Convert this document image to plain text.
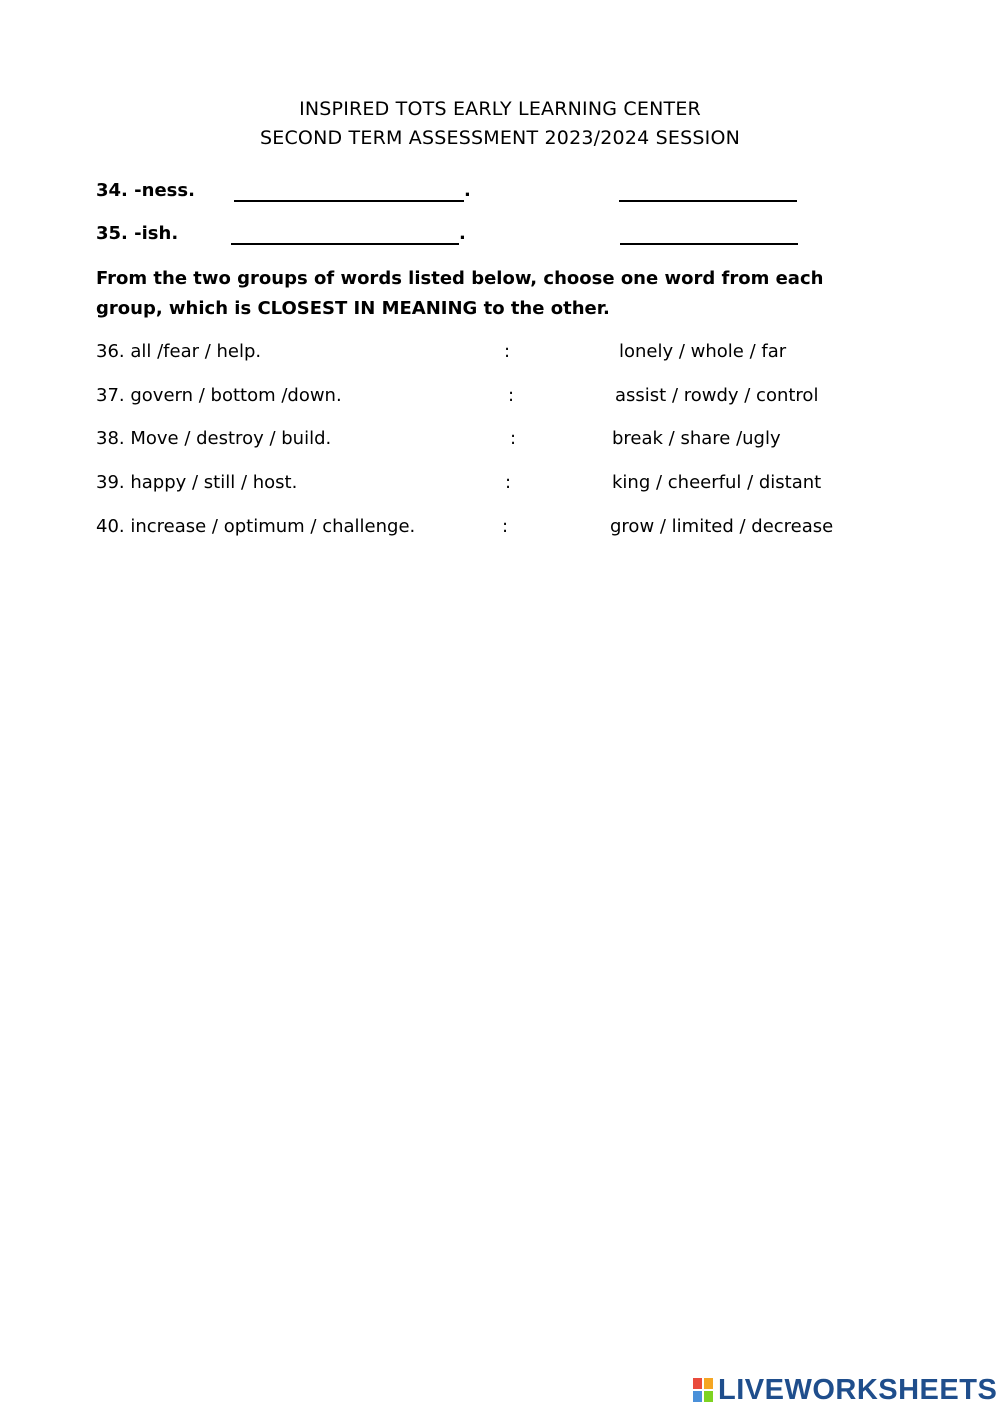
INSPIRED TOTS EARLY LEARNING CENTER
SECOND TERM ASSESSMENT 2023/2024 SESSION
34. -ness.	.
35. -ish.	.
From the two groups of words listed below, choose one word from each group, which is CLOSEST IN MEANING to the other.
36. all /fear / help.	:	lonely / whole / far
37. govern / bottom /down.	:	assist / rowdy / control
38. Move / destroy / build.	:	break / share /ugly
39. happy / still / host.	:	king / cheerful / distant
40. increase / optimum / challenge.	:	grow / limited / decrease
LIVEWORKSHEETS
